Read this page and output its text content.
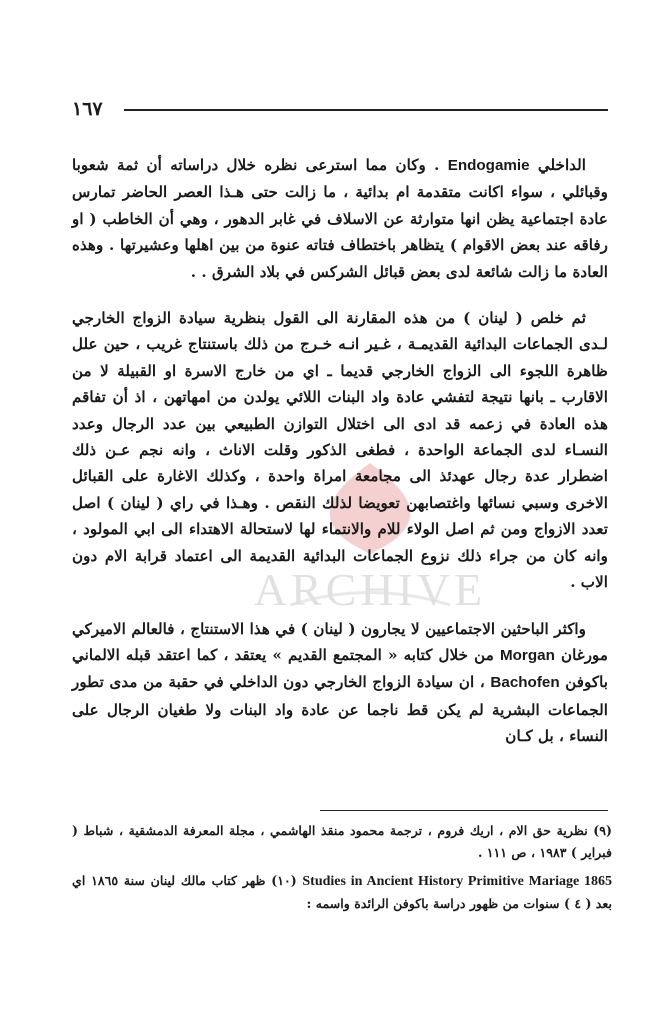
١٦٧
ARCHIVE

الداخلي Endogamie . وكان مما استرعى نظره خلال دراساته أن ثمة شعوبا وقبائلي ، سواء اكانت متقدمة ام بدائية ، ما زالت حتى هـذا العصر الحاضر تمارس عادة اجتماعية يظن انها متوارثة عن الاسلاف في غابر الدهور ، وهي أن الخاطب ( او رفاقه عند بعض الاقوام ) يتظاهر باختطاف فتاته عنوة من بين اهلها وعشيرتها . وهذه العادة ما زالت شائعة لدى بعض قبائل الشركس في بلاد الشرق . .

ثم خلص ( لينان ) من هذه المقارنة الى القول بنظرية سيادة الزواج الخارجي لـدى الجماعات البدائية القديمـة ، غـير انـه خـرج من ذلك باستنتاج غريب ، حين علل ظاهرة اللجوء الى الزواج الخارجي قديما ـ اي من خارج الاسرة او القبيلة لا من الاقارب ـ بانها نتيجة لتفشي عادة واد البنات اللائي يولدن من امهاتهن ، اذ أن تفاقم هذه العادة في زعمه قد ادى الى اختلال التوازن الطبيعي بين عدد الرجال وعدد النسـاء لدى الجماعة الواحدة ، فطغى الذكور وقلت الاناث ، وانه نجم عـن ذلك اضطرار عدة رجال عهدئذ الى مجامعة امراة واحدة ، وكذلك الاغارة على القبائل الاخرى وسبي نسائها واغتصابهن تعويضا لذلك النقص . وهـذا في راي ( لينان ) اصل تعدد الازواج ومن ثم اصل الولاء للام والانتماء لها لاستحالة الاهتداء الى ابي المولود ، وانه كان من جراء ذلك نزوع الجماعات البدائية القديمة الى اعتماد قرابة الام دون الاب .

واكثر الباحثين الاجتماعيين لا يجارون ( لينان ) في هذا الاستنتاج ، فالعالم الاميركي مورغان Morgan من خلال كتابه « المجتمع القديم » يعتقد ، كما اعتقد قبله الالماني باكوفن Bachofen ، ان سيادة الزواج الخارجي دون الداخلي في حقبة من مدى تطور الجماعات البشرية لم يكن قط ناجما عن عادة واد البنات ولا طغيان الرجال على النساء ، بل كـان

(٩) نظرية حق الام ، اريك فروم ، ترجمة محمود منقذ الهاشمي ، مجلة المعرفة الدمشقية ، شباط ( فبراير ) ١٩٨٣ ، ص ١١١ .

Studies in Ancient History Primitive Mariage 1865 (١٠) ظهر كتاب مالك لينان سنة ١٨٦٥ اي بعد ( ٤ ) سنوات من ظهور دراسة باكوفن الرائدة واسمه :
